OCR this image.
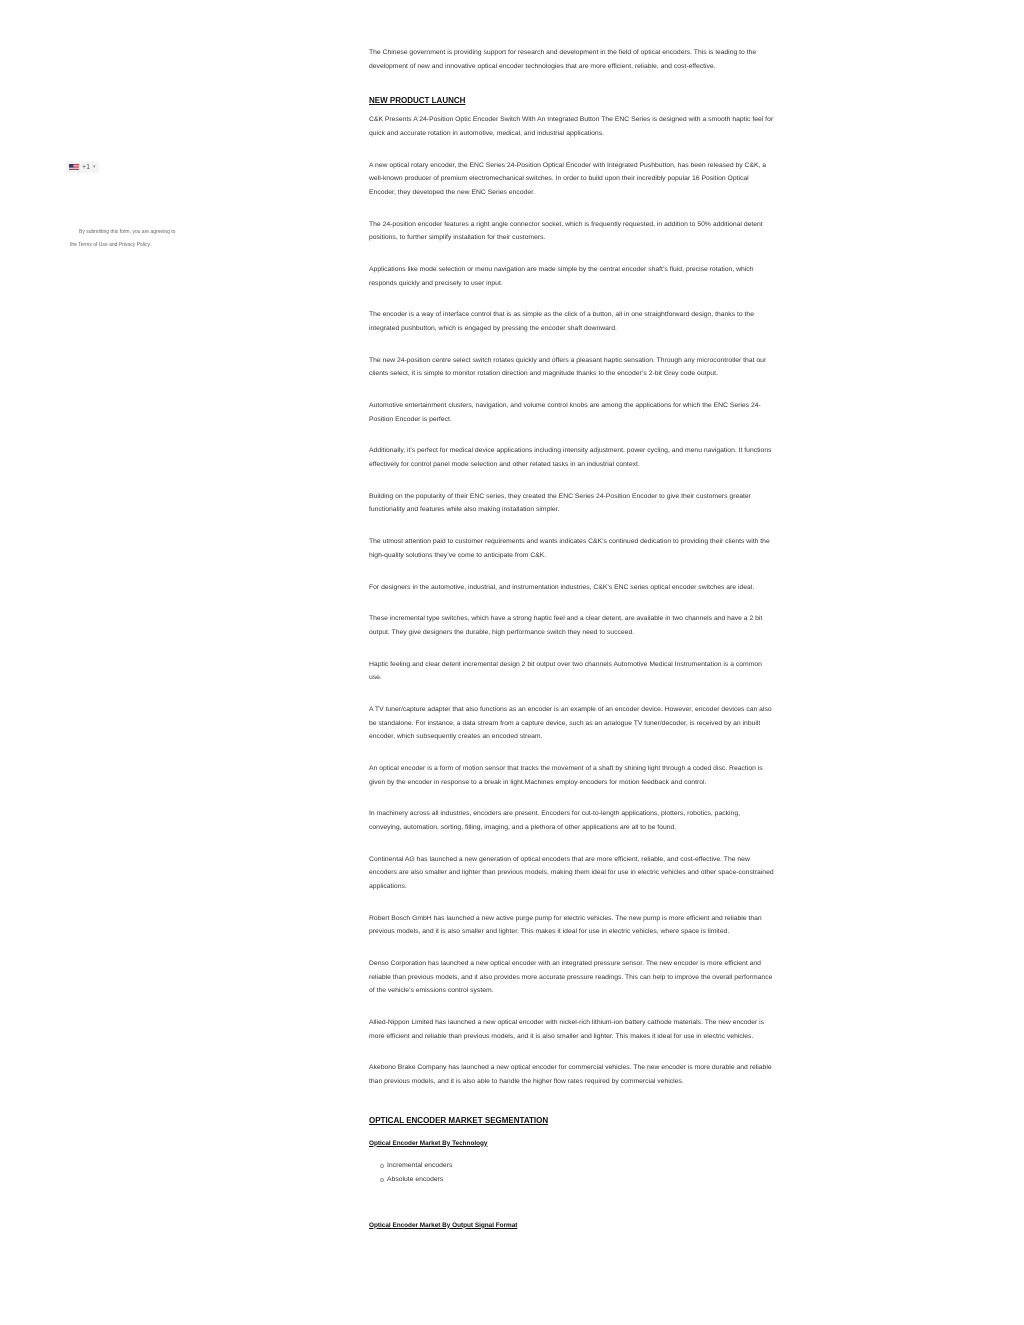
+1 ▾
By submitting this form, you are agreeing to
the Terms of Use and Privacy Policy.

The Chinese government is providing support for research and development in the field of optical encoders. This is leading to the development of new and innovative optical encoder technologies that are more efficient, reliable, and cost-effective.

NEW PRODUCT LAUNCH

C&K Presents A 24-Position Optic Encoder Switch With An Integrated Button The ENC Series is designed with a smooth haptic feel for quick and accurate rotation in automotive, medical, and industrial applications.

A new optical rotary encoder, the ENC Series 24-Position Optical Encoder with Integrated Pushbutton, has been released by C&K, a well-known producer of premium electromechanical switches. In order to build upon their incredibly popular 16 Position Optical Encoder, they developed the new ENC Series encoder.

The 24-position encoder features a right angle connector socket, which is frequently requested, in addition to 50% additional detent positions, to further simplify installation for their customers.

Applications like mode selection or menu navigation are made simple by the central encoder shaft’s fluid, precise rotation, which responds quickly and precisely to user input.

The encoder is a way of interface control that is as simple as the click of a button, all in one straightforward design, thanks to the integrated pushbutton, which is engaged by pressing the encoder shaft downward.

The new 24-position centre select switch rotates quickly and offers a pleasant haptic sensation. Through any microcontroller that our clients select, it is simple to monitor rotation direction and magnitude thanks to the encoder’s 2-bit Grey code output.

Automotive entertainment clusters, navigation, and volume control knobs are among the applications for which the ENC Series 24-Position Encoder is perfect.

Additionally, it’s perfect for medical device applications including intensity adjustment, power cycling, and menu navigation. It functions effectively for control panel mode selection and other related tasks in an industrial context.

Building on the popularity of their ENC series, they created the ENC Series 24-Position Encoder to give their customers greater functionality and features while also making installation simpler.

The utmost attention paid to customer requirements and wants indicates C&K’s continued dedication to providing their clients with the high-quality solutions they’ve come to anticipate from C&K.

For designers in the automotive, industrial, and instrumentation industries, C&K’s ENC series optical encoder switches are ideal.

These incremental type switches, which have a strong haptic feel and a clear detent, are available in two channels and have a 2 bit output. They give designers the durable, high performance switch they need to succeed.

Haptic feeling and clear detent incremental design 2 bit output over two channels Automotive Medical Instrumentation is a common use.

A TV tuner/capture adapter that also functions as an encoder is an example of an encoder device. However, encoder devices can also be standalone. For instance, a data stream from a capture device, such as an analogue TV tuner/decoder, is received by an inbuilt encoder, which subsequently creates an encoded stream.

An optical encoder is a form of motion sensor that tracks the movement of a shaft by shining light through a coded disc. Reaction is given by the encoder in response to a break in light.Machines employ encoders for motion feedback and control.

In machinery across all industries, encoders are present. Encoders for cut-to-length applications, plotters, robotics, packing, conveying, automation, sorting, filling, imaging, and a plethora of other applications are all to be found.

Continental AG has launched a new generation of optical encoders that are more efficient, reliable, and cost-effective. The new encoders are also smaller and lighter than previous models, making them ideal for use in electric vehicles and other space-constrained applications.

Robert Bosch GmbH has launched a new active purge pump for electric vehicles. The new pump is more efficient and reliable than previous models, and it is also smaller and lighter. This makes it ideal for use in electric vehicles, where space is limited.

Denso Corporation has launched a new optical encoder with an integrated pressure sensor. The new encoder is more efficient and reliable than previous models, and it also provides more accurate pressure readings. This can help to improve the overall performance of the vehicle’s emissions control system.

Allied-Nippon Limited has launched a new optical encoder with nickel-rich lithium-ion battery cathode materials. The new encoder is more efficient and reliable than previous models, and it is also smaller and lighter. This makes it ideal for use in electric vehicles.

Akebono Brake Company has launched a new optical encoder for commercial vehicles. The new encoder is more durable and reliable than previous models, and it is also able to handle the higher flow rates required by commercial vehicles.

OPTICAL ENCODER MARKET SEGMENTATION
Optical Encoder Market By Technology
Incremental encoders
Absolute encoders
Optical Encoder Market By Output Signal Format
